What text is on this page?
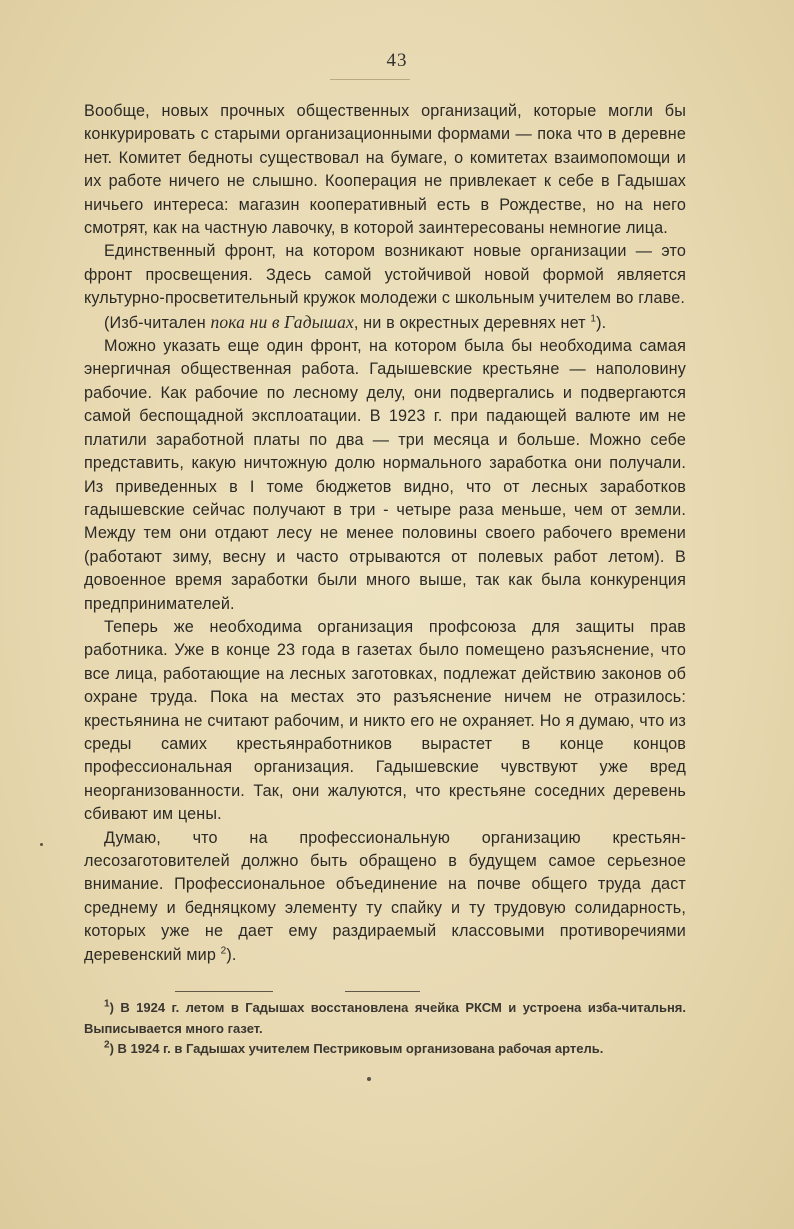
43

Вообще, новых прочных общественных организаций, которые могли бы конкурировать с старыми организационными формами — пока что в деревне нет. Комитет бедноты существовал на бумаге, о комитетах взаимопомощи и их работе ничего не слышно. Кооперация не привлекает к себе в Гадышах ничьего интереса: магазин кооперативный есть в Рождестве, но на него смотрят, как на частную лавочку, в которой заинтересованы немногие лица.

Единственный фронт, на котором возникают новые организации — это фронт просвещения. Здесь самой устойчивой новой формой является культурно-просветительный кружок молодежи с школьным учителем во главе.

(Изб-читален пока ни в Гадышах, ни в окрестных деревнях нет $^1$).

Можно указать еще один фронт, на котором была бы необходима самая энергичная общественная работа. Гадышевские крестьяне — наполовину рабочие. Как рабочие по лесному делу, они подвергались и подвергаются самой беспощадной эксплоатации. В 1923 г. при падающей валюте им не платили заработной платы по два — три месяца и больше. Можно себе представить, какую ничтожную долю нормального заработка они получали. Из приведенных в I томе бюджетов видно, что от лесных заработков гадышевские сейчас получают в три - четыре раза меньше, чем от земли. Между тем они отдают лесу не менее половины своего рабочего времени (работают зиму, весну и часто отрываются от полевых работ летом). В довоенное время заработки были много выше, так как была конкуренция предпринимателей.

Теперь же необходима организация профсоюза для защиты прав работника. Уже в конце 23 года в газетах было помещено разъяснение, что все лица, работающие на лесных заготовках, подлежат действию законов об охране труда. Пока на местах это разъяснение ничем не отразилось: крестьянина не считают рабочим, и никто его не охраняет. Но я думаю, что из среды самих крестьянработников вырастет в конце концов профессиональная организация. Гадышевские чувствуют уже вред неорганизованности. Так, они жалуются, что крестьяне соседних деревень сбивают им цены.

Думаю, что на профессиональную организацию крестьян-лесозаготовителей должно быть обращено в будущем самое серьезное внимание. Профессиональное объединение на почве общего труда даст среднему и бедняцкому элементу ту спайку и ту трудовую солидарность, которых уже не дает ему раздираемый классовыми противоречиями деревенский мир $^2$).

$^1$) В 1924 г. летом в Гадышах восстановлена ячейка РКСМ и устроена изба-читальня. Выписывается много газет.

$^2$) В 1924 г. в Гадышах учителем Пестриковым организована рабочая артель.
